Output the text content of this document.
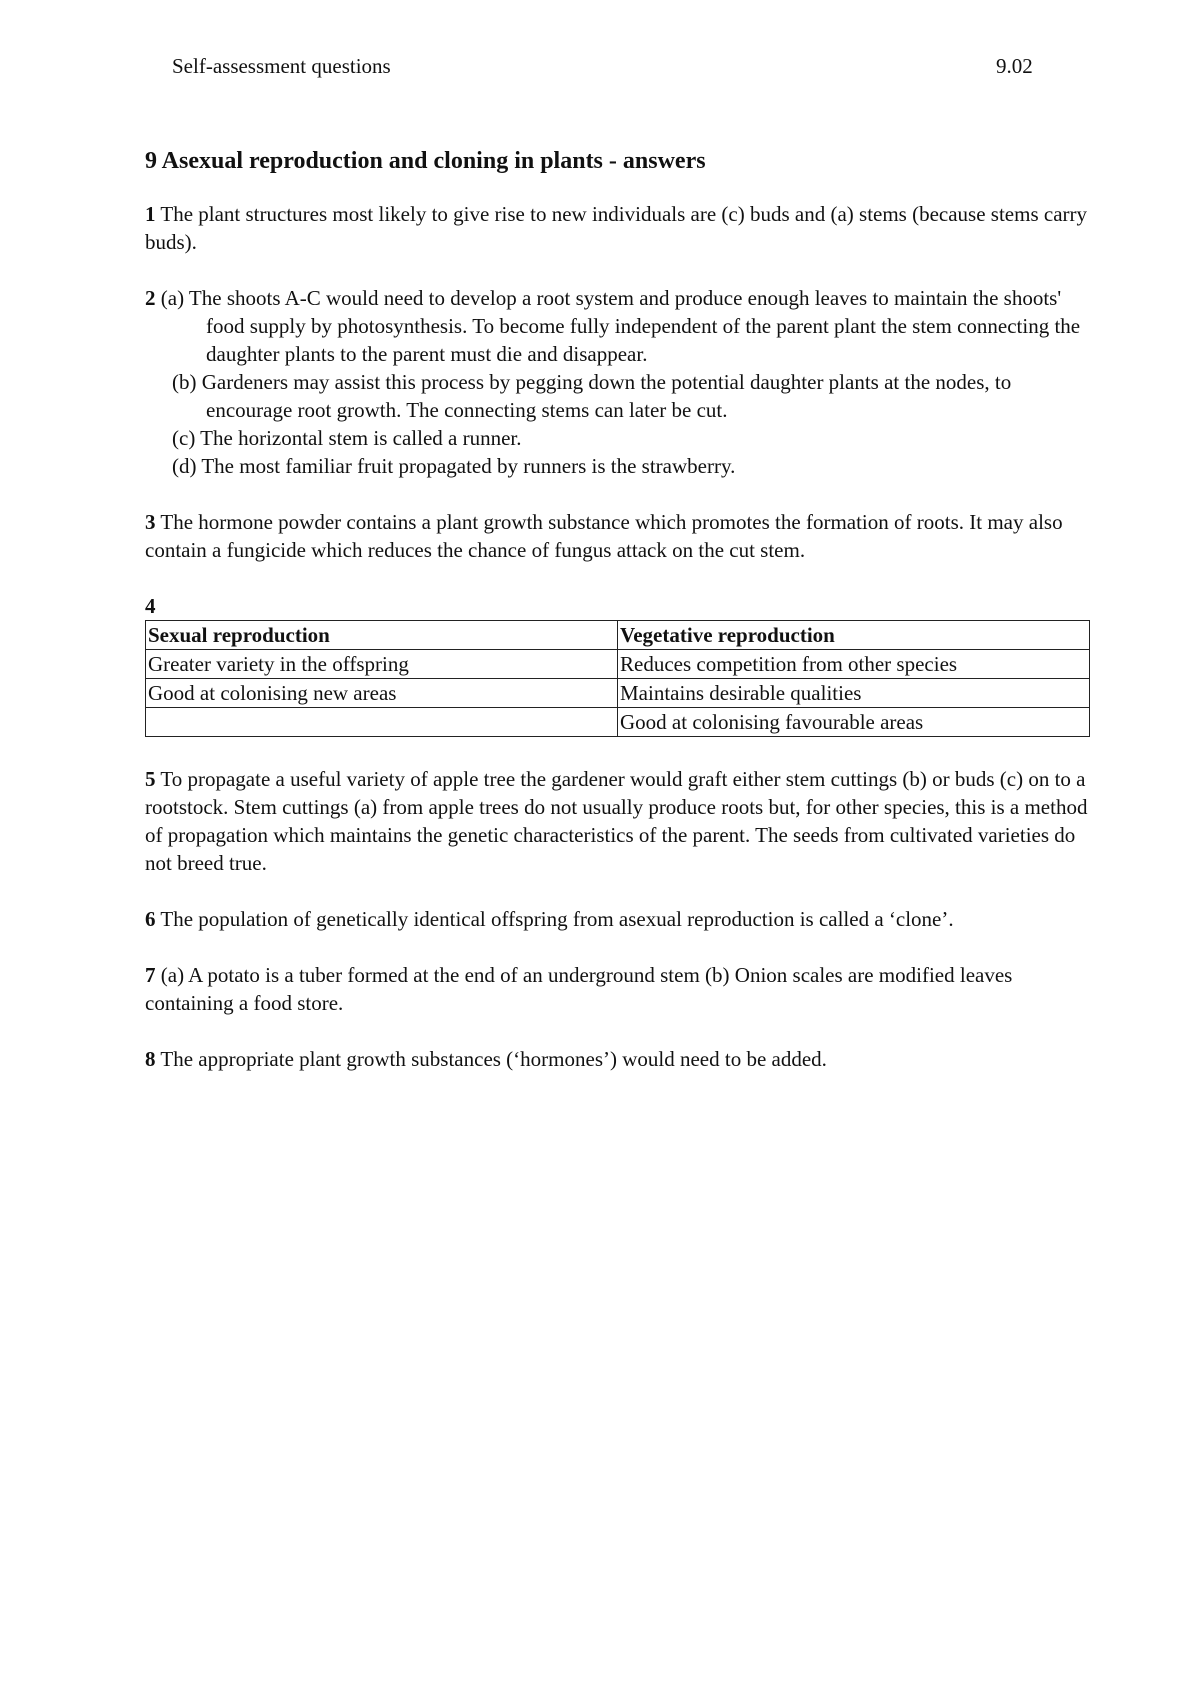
Self-assessment questions	9.02
9 Asexual reproduction and cloning in plants - answers

1 The plant structures most likely to give rise to new individuals are (c) buds and (a) stems (because stems carry buds).

2 (a) The shoots A-C would need to develop a root system and produce enough leaves to maintain the shoots' food supply by photosynthesis. To become fully independent of the parent plant the stem connecting the daughter plants to the parent must die and disappear.

(b) Gardeners may assist this process by pegging down the potential daughter plants at the nodes, to encourage root growth. The connecting stems can later be cut.

(c) The horizontal stem is called a runner.

(d) The most familiar fruit propagated by runners is the strawberry.

3 The hormone powder contains a plant growth substance which promotes the formation of roots. It may also contain a fungicide which reduces the chance of fungus attack on the cut stem.

4
Sexual reproduction	Vegetative reproduction
Greater variety in the offspring	Reduces competition from other species
Good at colonising new areas	Maintains desirable qualities
	Good at colonising favourable areas

5 To propagate a useful variety of apple tree the gardener would graft either stem cuttings (b) or buds (c) on to a rootstock. Stem cuttings (a) from apple trees do not usually produce roots but, for other species, this is a method of propagation which maintains the genetic characteristics of the parent. The seeds from cultivated varieties do not breed true.

6 The population of genetically identical offspring from asexual reproduction is called a ‘clone’.

7 (a) A potato is a tuber formed at the end of an underground stem (b) Onion scales are modified leaves containing a food store.

8 The appropriate plant growth substances (‘hormones’) would need to be added.
